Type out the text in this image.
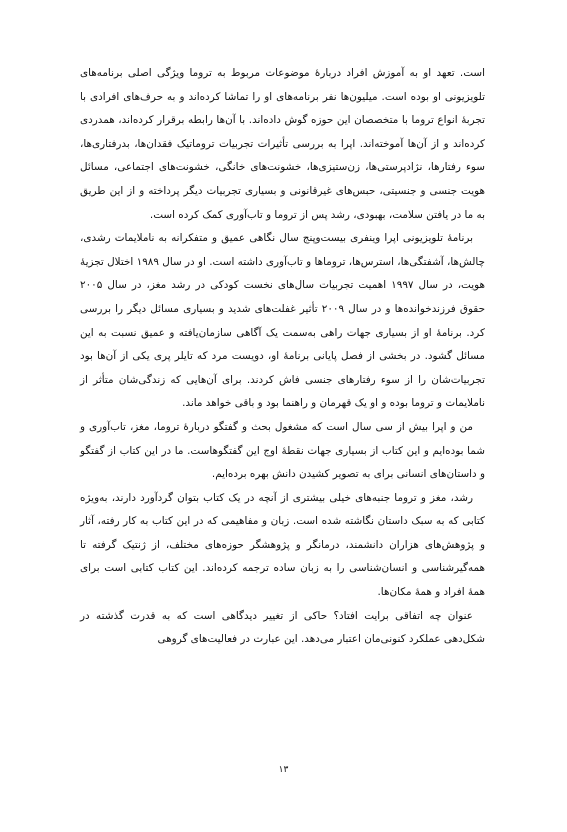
است. تعهد او به آموزش افراد دربارۀ موضوعات مربوط به تروما ویژگی اصلی برنامه‌های تلویزیونی او بوده است. میلیون‌ها نفر برنامه‌های او را تماشا کرده‌اند و به حرف‌های افرادی با تجربۀ انواع تروما با متخصصان این حوزه گوش داده‌اند. با آن‌ها رابطه برقرار کرده‌اند، همدردی کرده‌اند و از آن‌ها آموخته‌اند. اپرا به بررسی تأثیرات تجربیات تروماتیک فقدان‌ها، بدرفتاری‌ها، سوء رفتارها، نژادپرستی‌ها، زن‌ستیزی‌ها، خشونت‌های خانگی، خشونت‌های اجتماعی، مسائل هویت جنسی و جنسیتی، حبس‌های غیرقانونی و بسیاری تجربیات دیگر پرداخته و از این طریق به ما در یافتن سلامت، بهبودی، رشد پس از تروما و تاب‌آوری کمک کرده است.

برنامۀ تلویزیونی اپرا وینفری بیست‌وپنج سال نگاهی عمیق و متفکرانه به ناملایمات رشدی، چالش‌ها، آشفتگی‌ها، استرس‌ها، تروماها و تاب‌آوری داشته است. او در سال ۱۹۸۹ اختلال تجزیۀ هویت، در سال ۱۹۹۷ اهمیت تجربیات سال‌های نخست کودکی در رشد مغز، در سال ۲۰۰۵ حقوق فرزندخوانده‌ها و در سال ۲۰۰۹ تأثیر غفلت‌های شدید و بسیاری مسائل دیگر را بررسی کرد. برنامۀ او از بسیاری جهات راهی به‌سمت یک آگاهی سازمان‌یافته و عمیق نسبت به این مسائل گشود. در بخشی از فصل پایانی برنامۀ او، دویست مرد که تایلر پری یکی از آن‌ها بود تجربیات‌شان را از سوء رفتارهای جنسی فاش کردند. برای آن‌هایی که زندگی‌شان متأثر از ناملایمات و تروما بوده و او یک قهرمان و راهنما بود و باقی خواهد ماند.

من و اپرا بیش از سی سال است که مشغول بحث و گفتگو دربارۀ تروما، مغز، تاب‌آوری و شما بوده‌ایم و این کتاب از بسیاری جهات نقطۀ اوج این گفتگوهاست. ما در این کتاب از گفتگو و داستان‌های انسانی برای به تصویر کشیدن دانش بهره برده‌ایم.

رشد، مغز و تروما جنبه‌های خیلی بیشتری از آنچه در یک کتاب بتوان گردآورد دارند، به‌ویژه کتابی که به سبک داستان نگاشته شده است. زبان و مفاهیمی که در این کتاب به کار رفته، آثار و پژوهش‌های هزاران دانشمند، درمانگر و پژوهشگر حوزه‌های مختلف، از ژنتیک گرفته تا همه‌گیرشناسی و انسان‌شناسی را به زبان ساده ترجمه کرده‌اند. این کتاب کتابی است برای همۀ افراد و همۀ مکان‌ها.

عنوان چه اتفاقی برایت افتاد؟ حاکی از تغییر دیدگاهی است که به قدرت گذشته در شکل‌دهی عملکرد کنونی‌مان اعتبار می‌دهد. این عبارت در فعالیت‌های گروهی

۱۳
